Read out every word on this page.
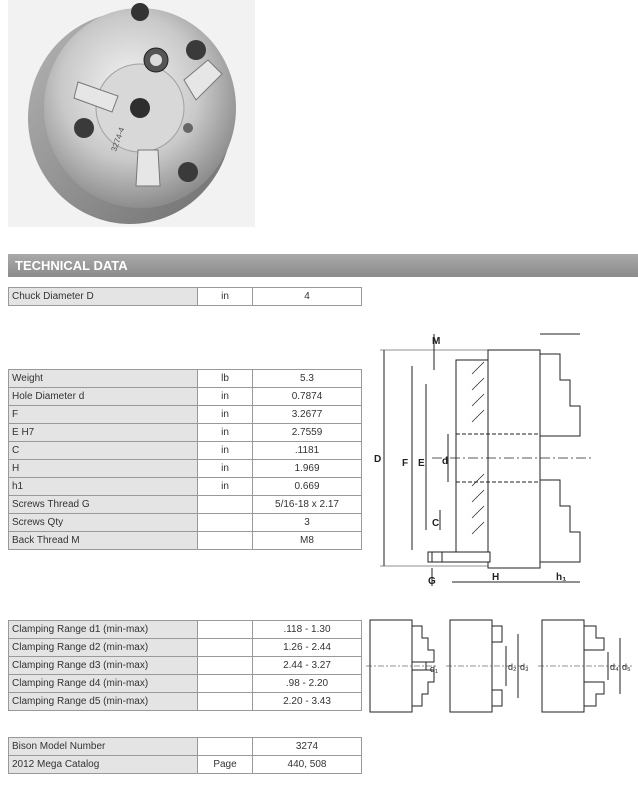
3274-4
TECHNICAL DATA
Chuck Diameter D	in	4
Weight	lb	5.3
Hole Diameter d	in	0.7874
F	in	3.2677
E H7	in	2.7559
C	in	.1181
H	in	1.969
h1	in	0.669
Screws Thread G		5/16-18 x 2.17
Screws Qty		3
Back Thread M		M8
D F E d
C
M
G	H	h₁
Clamping Range d1 (min-max)		.118 - 1.30
Clamping Range d2 (min-max)		1.26 - 2.44
Clamping Range d3 (min-max)		2.44 - 3.27
Clamping Range d4 (min-max)		.98 - 2.20
Clamping Range d5 (min-max)		2.20 - 3.43
d₁	d₂ d₃	d₄ d₅
Bison Model Number		3274
2012 Mega Catalog	Page	440, 508
